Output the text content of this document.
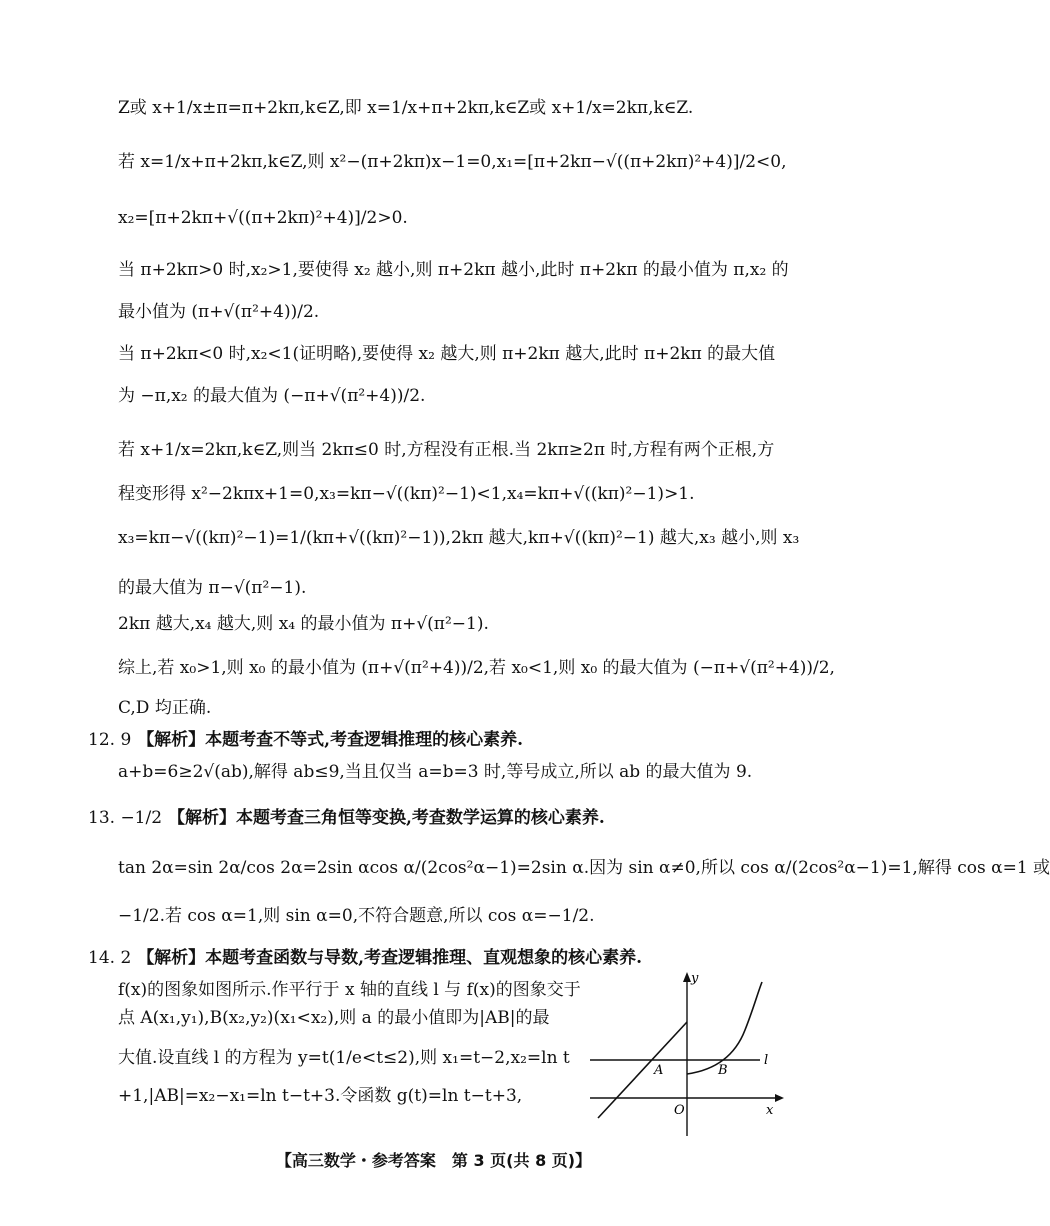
Z或 x+1/x±π=π+2kπ,k∈Z,即 x=1/x+π+2kπ,k∈Z或 x+1/x=2kπ,k∈Z.
若 x=1/x+π+2kπ,k∈Z,则 x²−(π+2kπ)x−1=0,x₁=[π+2kπ−√((π+2kπ)²+4)]/2<0,
x₂=[π+2kπ+√((π+2kπ)²+4)]/2>0.
当 π+2kπ>0 时,x₂>1,要使得 x₂ 越小,则 π+2kπ 越小,此时 π+2kπ 的最小值为 π,x₂ 的
最小值为 (π+√(π²+4))/2.
当 π+2kπ<0 时,x₂<1(证明略),要使得 x₂ 越大,则 π+2kπ 越大,此时 π+2kπ 的最大值
为 −π,x₂ 的最大值为 (−π+√(π²+4))/2.
若 x+1/x=2kπ,k∈Z,则当 2kπ≤0 时,方程没有正根.当 2kπ≥2π 时,方程有两个正根,方
程变形得 x²−2kπx+1=0,x₃=kπ−√((kπ)²−1)<1,x₄=kπ+√((kπ)²−1)>1.
x₃=kπ−√((kπ)²−1)=1/(kπ+√((kπ)²−1)),2kπ 越大,kπ+√((kπ)²−1) 越大,x₃ 越小,则 x₃
的最大值为 π−√(π²−1).
2kπ 越大,x₄ 越大,则 x₄ 的最小值为 π+√(π²−1).
综上,若 x₀>1,则 x₀ 的最小值为 (π+√(π²+4))/2,若 x₀<1,则 x₀ 的最大值为 (−π+√(π²+4))/2,
C,D 均正确.
12. 9 【解析】本题考查不等式,考查逻辑推理的核心素养.
a+b=6≥2√(ab),解得 ab≤9,当且仅当 a=b=3 时,等号成立,所以 ab 的最大值为 9.
13. −1/2 【解析】本题考查三角恒等变换,考查数学运算的核心素养.
tan 2α=sin 2α/cos 2α=2sin αcos α/(2cos²α−1)=2sin α.因为 sin α≠0,所以 cos α/(2cos²α−1)=1,解得 cos α=1 或
−1/2.若 cos α=1,则 sin α=0,不符合题意,所以 cos α=−1/2.
14. 2 【解析】本题考查函数与导数,考查逻辑推理、直观想象的核心素养.
f(x)的图象如图所示.作平行于 x 轴的直线 l 与 f(x)的图象交于
点 A(x₁,y₁),B(x₂,y₂)(x₁<x₂),则 a 的最小值即为|AB|的最
大值.设直线 l 的方程为 y=t(1/e<t≤2),则 x₁=t−2,x₂=ln t
+1,|AB|=x₂−x₁=ln t−t+3.令函数 g(t)=ln t−t+3,
y
x
O
l
A	B
【高三数学・参考答案　第 3 页(共 8 页)】
